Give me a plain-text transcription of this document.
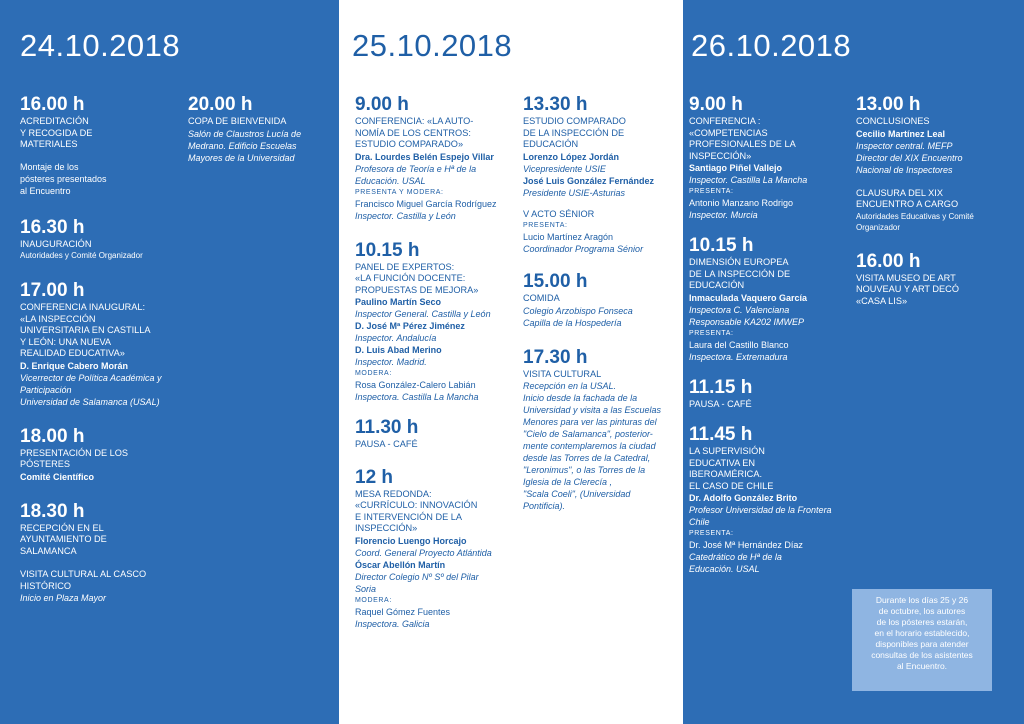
24.10.2018
16.00 h
ACREDITACIÓN
Y RECOGIDA DE
MATERIALES
Montaje de los
pósteres presentados
al Encuentro
16.30 h
INAUGURACIÓN
Autoridades y Comité Organizador
17.00 h
CONFERENCIA INAUGURAL:
«LA INSPECCIÓN
UNIVERSITARIA EN CASTILLA
Y LEÓN: UNA NUEVA
REALIDAD EDUCATIVA»
D. Enrique Cabero Morán
Vicerrector de Política Académica y
Participación
Universidad de Salamanca (USAL)
18.00 h
PRESENTACIÓN DE LOS
PÓSTERES
Comité Científico
18.30 h
RECEPCIÓN EN EL
AYUNTAMIENTO DE
SALAMANCA
VISITA CULTURAL AL CASCO
HISTÓRICO
Inicio en Plaza Mayor
20.00 h
COPA DE BIENVENIDA
Salón de Claustros Lucía de
Medrano. Edificio Escuelas
Mayores de la Universidad
25.10.2018
9.00 h
CONFERENCIA: «LA AUTO-
NOMÍA DE LOS CENTROS:
ESTUDIO COMPARADO»
Dra. Lourdes Belén Espejo Villar
Profesora de Teoría e Hª de la
Educación. USAL
PRESENTA Y MODERA:
Francisco Miguel García Rodríguez
Inspector. Castilla y León
10.15 h
PANEL DE EXPERTOS:
«LA FUNCIÓN DOCENTE:
PROPUESTAS DE MEJORA»
Paulino Martín Seco
Inspector General. Castilla y León
D. José Mª Pérez Jiménez
Inspector. Andalucía
D. Luis Abad Merino
Inspector. Madrid.
MODERA:
Rosa González-Calero Labián
Inspectora. Castilla La Mancha
11.30 h
PAUSA - CAFÉ
12 h
MESA REDONDA:
«CURRÍCULO: INNOVACIÓN
E INTERVENCIÓN DE LA
INSPECCIÓN»
Florencio Luengo Horcajo
Coord. General Proyecto Atlántida
Óscar Abellón Martín
Director Colegio Nº Sº del Pilar
Soria
MODERA:
Raquel Gómez Fuentes
Inspectora. Galicia
13.30 h
ESTUDIO COMPARADO
DE LA INSPECCIÓN DE
EDUCACIÓN
Lorenzo López Jordán
Vicepresidente USIE
José Luis González Fernández
Presidente USIE-Asturias
V ACTO SÉNIOR
PRESENTA:
Lucio Martínez Aragón
Coordinador Programa Sénior
15.00 h
COMIDA
Colegio Arzobispo Fonseca
Capilla de la Hospedería
17.30 h
VISITA CULTURAL
Recepción en la USAL.
Inicio desde la fachada de la
Universidad y visita a las Escuelas
Menores para ver las pinturas del
"Cielo de Salamanca", posterior-
mente contemplaremos la ciudad
desde las Torres de la Catedral,
"Leronimus", o las Torres de la
Iglesia de la Clerecía ,
"Scala Coeli", (Universidad
Pontificia).
26.10.2018
9.00 h
CONFERENCIA :
«COMPETENCIAS
PROFESIONALES DE LA
INSPECCIÓN»
Santiago Piñel Vallejo
Inspector. Castilla La Mancha
PRESENTA:
Antonio Manzano Rodrigo
Inspector. Murcia
10.15 h
DIMENSIÓN EUROPEA
DE LA INSPECCIÓN DE
EDUCACIÓN
Inmaculada Vaquero García
Inspectora C. Valenciana
Responsable KA202 IMWEP
PRESENTA:
Laura del Castillo Blanco
Inspectora. Extremadura
11.15 h
PAUSA - CAFÉ
11.45 h
LA SUPERVISIÓN
EDUCATIVA EN
IBEROAMÉRICA.
EL CASO DE CHILE
Dr. Adolfo González Brito
Profesor Universidad de la Frontera
Chile
PRESENTA:
Dr. José Mª Hernández Díaz
Catedrático de Hª de la
Educación. USAL
13.00 h
CONCLUSIONES
Cecilio Martínez Leal
Inspector central. MEFP
Director del XIX Encuentro
Nacional de Inspectores
CLAUSURA DEL XIX
ENCUENTRO A CARGO
Autoridades Educativas y Comité
Organizador
16.00 h
VISITA MUSEO DE ART
NOUVEAU Y ART DECÓ
«CASA LIS»
Durante los días 25 y 26
de octubre, los autores
de los pósteres estarán,
en el horario establecido,
disponibles para atender
consultas de los asistentes
al Encuentro.
